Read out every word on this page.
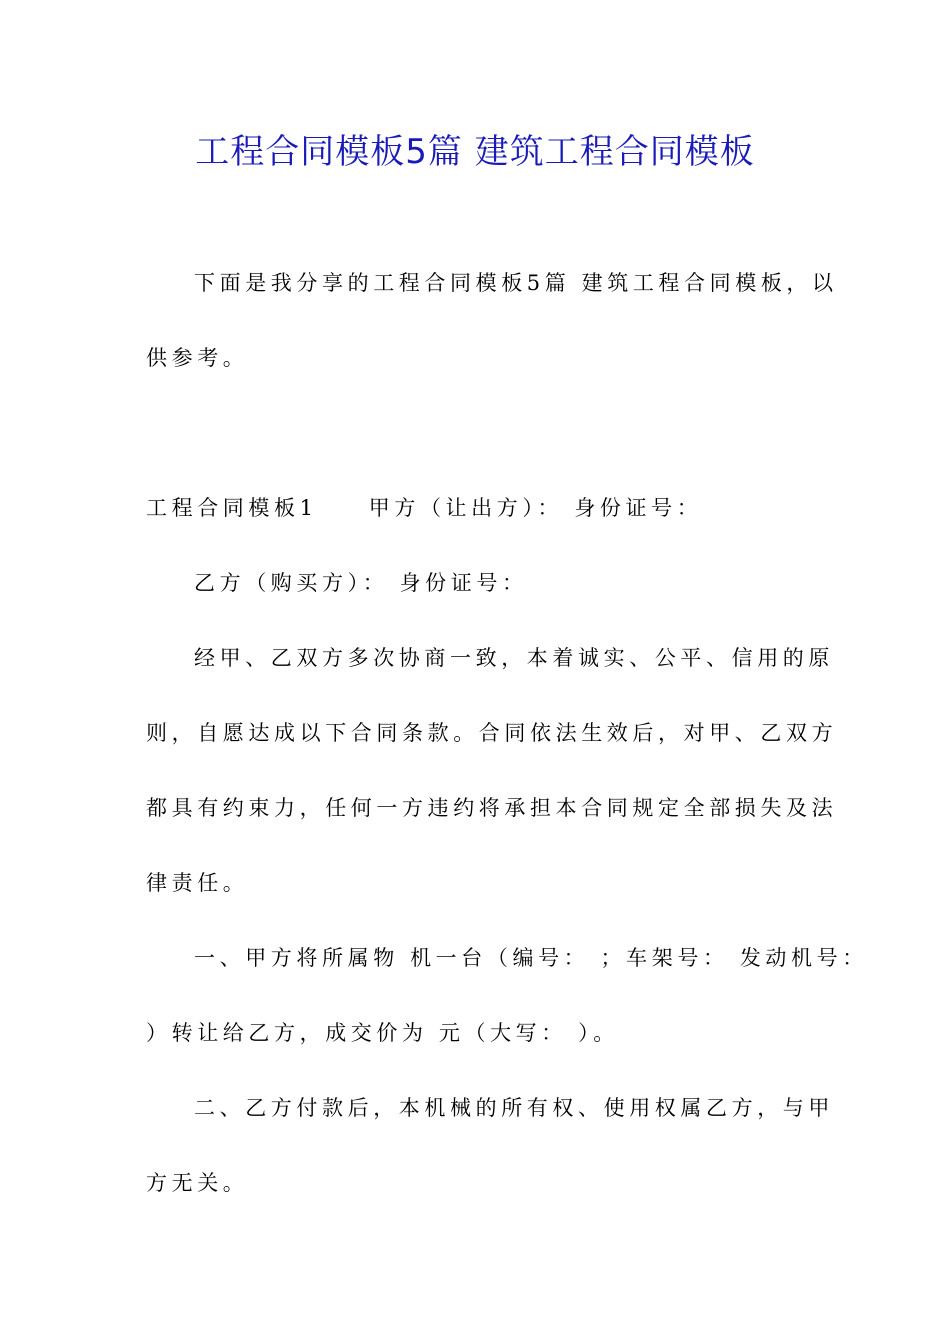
工程合同模板5篇 建筑工程合同模板
下面是我分享的工程合同模板5篇 建筑工程合同模板，以
供参考。
工程合同模板1　　甲方（让出方）： 身份证号：
乙方（购买方）： 身份证号：
经甲、乙双方多次协商一致，本着诚实、公平、信用的原
则，自愿达成以下合同条款。合同依法生效后，对甲、乙双方
都具有约束力，任何一方违约将承担本合同规定全部损失及法
律责任。
一、甲方将所属物 机一台（编号： ；车架号： 发动机号：
）转让给乙方，成交价为 元（大写： ）。
二、乙方付款后，本机械的所有权、使用权属乙方，与甲
方无关。
